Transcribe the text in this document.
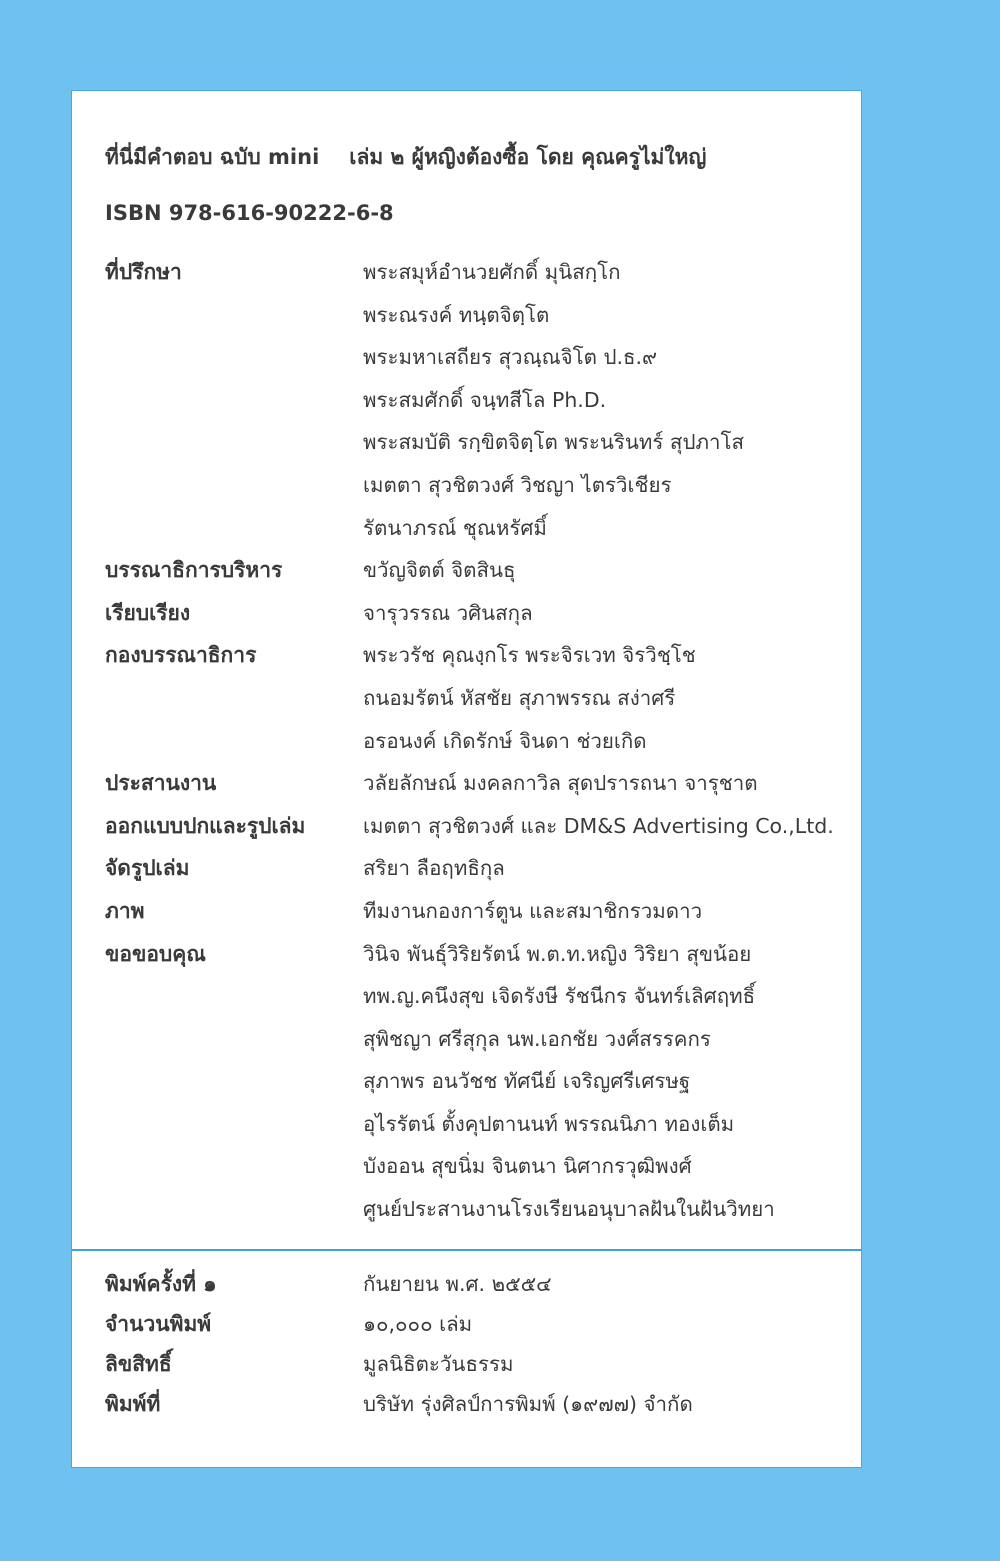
ที่นี่มีคำตอบ ฉบับ mini เล่ม ๒ ผู้หญิงต้องซื้อ โดย คุณครูไม่ใหญ่
ISBN 978-616-90222-6-8
ที่ปรึกษา	พระสมุห์อำนวยศักดิ์ มุนิสกฺโก
พระณรงค์ ทนฺตจิตฺโต
พระมหาเสถียร สุวณฺณจิโต ป.ธ.๙
พระสมศักดิ์ จนฺทสีโล Ph.D.
พระสมบัติ รกฺขิตจิตฺโต พระนรินทร์ สุปภาโส
เมตตา สุวชิตวงศ์ วิชญา ไตรวิเชียร
รัตนาภรณ์ ชุณหรัศมิ์
บรรณาธิการบริหาร	ขวัญจิตต์ จิตสินธุ
เรียบเรียง	จารุวรรณ วศินสกุล
กองบรรณาธิการ	พระวรัช คุณงฺกโร พระจิรเวท จิรวิชฺโช
ถนอมรัตน์ หัสชัย สุภาพรรณ สง่าศรี
อรอนงค์ เกิดรักษ์ จินดา ช่วยเกิด
ประสานงาน	วลัยลักษณ์ มงคลกาวิล สุดปรารถนา จารุชาต
ออกแบบปกและรูปเล่ม	เมตตา สุวชิตวงศ์ และ DM&S Advertising Co.,Ltd.
จัดรูปเล่ม	สริยา ลือฤทธิกุล
ภาพ	ทีมงานกองการ์ตูน และสมาชิกรวมดาว
ขอขอบคุณ	วินิจ พันธุ์วิริยรัตน์ พ.ต.ท.หญิง วิริยา สุขน้อย
ทพ.ญ.คนึงสุข เจิดรังษี รัชนีกร จันทร์เลิศฤทธิ์
สุพิชญา ศรีสุกุล นพ.เอกชัย วงศ์สรรคกร
สุภาพร อนวัชช ทัศนีย์ เจริญศรีเศรษฐ
อุไรรัตน์ ตั้งคุปตานนท์ พรรณนิภา ทองเต็ม
บังออน สุขนิ่ม จินตนา นิศากรวุฒิพงศ์
ศูนย์ประสานงานโรงเรียนอนุบาลฝันในฝันวิทยา
พิมพ์ครั้งที่ ๑	กันยายน พ.ศ. ๒๕๕๔
จำนวนพิมพ์	๑๐,๐๐๐ เล่ม
ลิขสิทธิ์	มูลนิธิตะวันธรรม
พิมพ์ที่	บริษัท รุ่งศิลป์การพิมพ์ (๑๙๗๗) จำกัด
